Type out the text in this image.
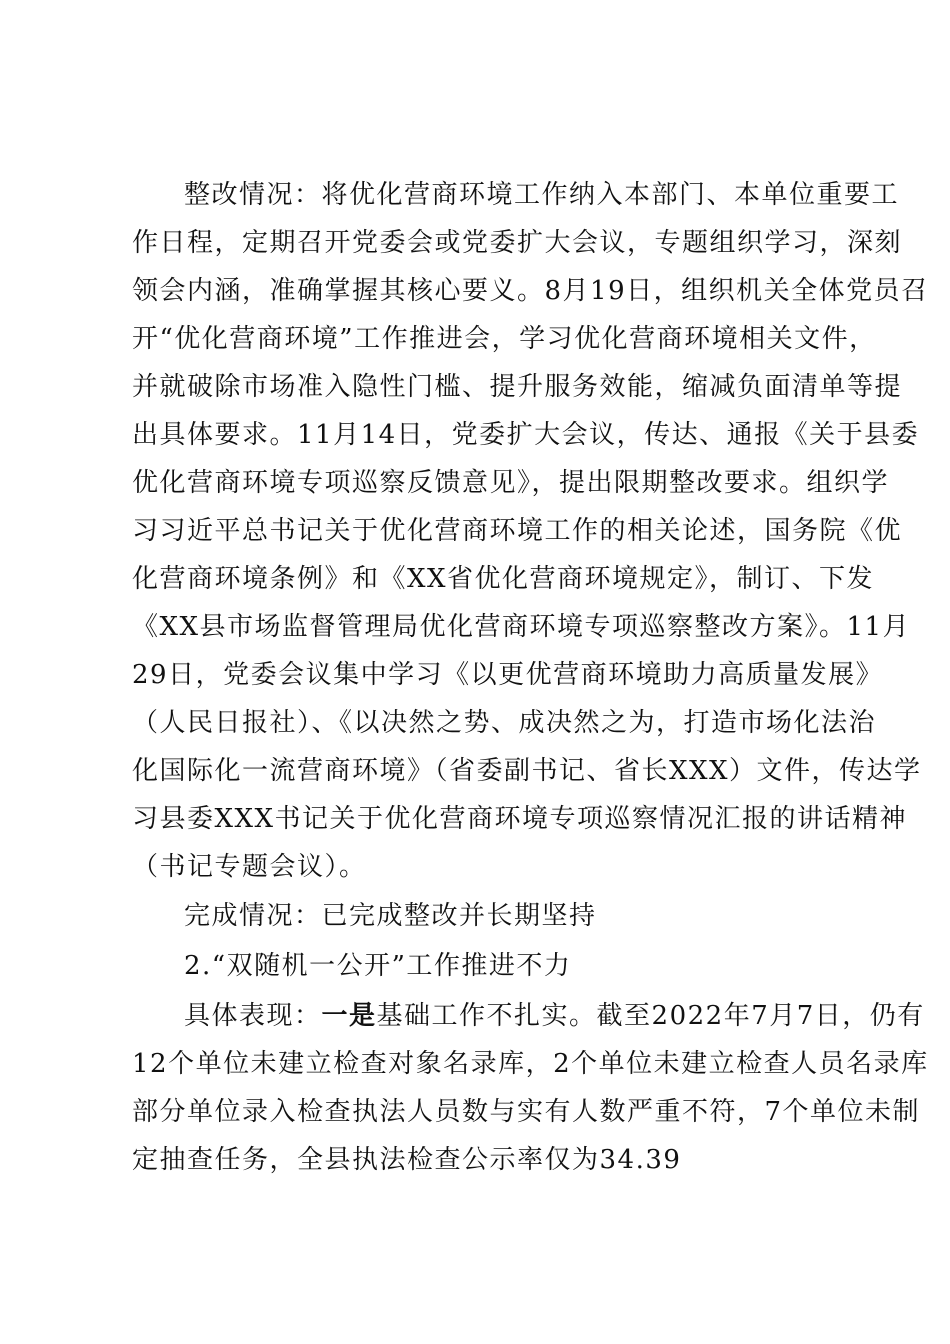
整改情况：将优化营商环境工作纳入本部门、本单位重要工
作日程，定期召开党委会或党委扩大会议，专题组织学习，深刻
领会内涵，准确掌握其核心要义。8月19日，组织机关全体党员召
开“优化营商环境”工作推进会，学习优化营商环境相关文件，
并就破除市场准入隐性门槛、提升服务效能，缩减负面清单等提
出具体要求。11月14日，党委扩大会议，传达、通报《关于县委
优化营商环境专项巡察反馈意见》，提出限期整改要求。组织学
习习近平总书记关于优化营商环境工作的相关论述，国务院《优
化营商环境条例》和《XX省优化营商环境规定》，制订、下发
《XX县市场监督管理局优化营商环境专项巡察整改方案》。11月
29日，党委会议集中学习《以更优营商环境助力高质量发展》
（人民日报社）、《以决然之势、成决然之为，打造市场化法治
化国际化一流营商环境》（省委副书记、省长XXX）文件，传达学
习县委XXX书记关于优化营商环境专项巡察情况汇报的讲话精神
（书记专题会议）。
完成情况：已完成整改并长期坚持
2.“双随机一公开”工作推进不力
具体表现：一是基础工作不扎实。截至2022年7月7日，仍有
12个单位未建立检查对象名录库，2个单位未建立检查人员名录库
部分单位录入检查执法人员数与实有人数严重不符，7个单位未制
定抽查任务，全县执法检查公示率仅为34.39
